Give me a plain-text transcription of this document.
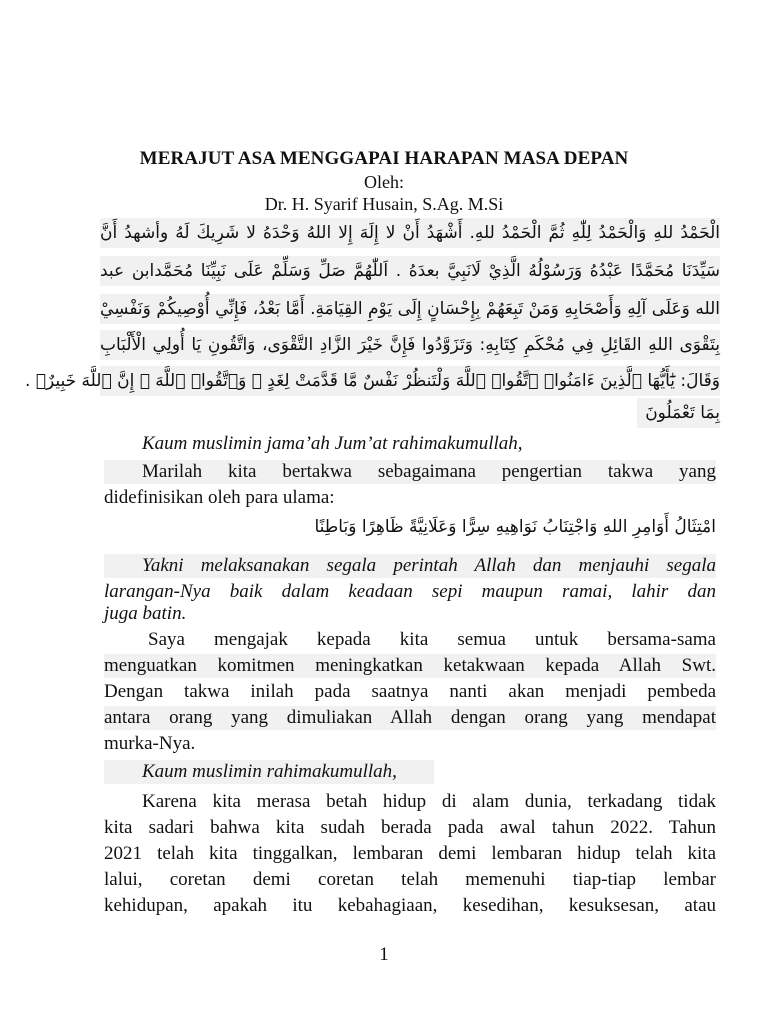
MERAJUT ASA MENGGAPAI HARAPAN MASA DEPAN
Oleh:
Dr. H. Syarif Husain, S.Ag. M.Si
الْحَمْدُ للهِ وَالْحَمْدُ لِلّٰهِ ثُمَّ الْحَمْدُ للهِ. أَشْهَدُ أَنْ لا إِلَهَ إِلا اللهُ وَحْدَهُ لا شَرِيكَ لَهُ وأشهدُ أَنَّ
سَيِّدَنَا مُحَمَّدًا عَبْدُهُ وَرَسُوْلُهُ الَّذِيْ لَانَبِيَّ بعدَهُ . اَللّٰهُمَّ صَلِّ وَسَلِّمْ عَلَى نَبِيِّنَا مُحَمَّدابن عبد
الله وَعَلَى آلِهِ وَأَصْحَابِهِ وَمَنْ تَبِعَهُمْ بِإِحْسَانٍ إِلَى يَوْمِ القِيَامَةِ. أَمَّا بَعْدُ، فَإِنِّي أُوْصِيكُمْ وَنَفْسِيْ
بِتَقْوَى اللهِ القَائِلِ فِي مُحْكَمِ كِتَابِهِ: وَتَزَوَّدُوا فَإِنَّ خَيْرَ الزَّادِ التَّقْوَى، وَاتَّقُونِ يَا أُولِي الْأَلْبَابِ
وَقَالَ: يَٰٓأَيُّهَا ٱلَّذِينَ ءَامَنُوا۟ ٱتَّقُوا۟ ٱللَّهَ وَلْتَنظُرْ نَفْسٌ مَّا قَدَّمَتْ لِغَدٍ ۖ وَٱتَّقُوا۟ ٱللَّهَ ۚ إِنَّ ٱللَّهَ خَبِيرٌۢ .
بِمَا تَعْمَلُونَ
Kaum muslimin jama’ah Jum’at rahimakumullah,
Marilah kita bertakwa sebagaimana pengertian takwa yang
didefinisikan oleh para ulama:
امْتِثَالُ أَوَامِرِ اللهِ وَاجْتِنَابُ نَوَاهِيهِ سِرًّا وَعَلَانِيَّةً ظَاهِرًا وَبَاطِنًا
Yakni melaksanakan segala perintah Allah dan menjauhi segala
larangan-Nya baik dalam keadaan sepi maupun ramai, lahir dan
juga batin.
Saya mengajak kepada kita semua untuk bersama-sama
menguatkan komitmen meningkatkan ketakwaan kepada Allah Swt.
Dengan takwa inilah pada saatnya nanti akan menjadi pembeda
antara orang yang dimuliakan Allah dengan orang yang mendapat
murka-Nya.
Kaum muslimin rahimakumullah,
Karena kita merasa betah hidup di alam dunia, terkadang tidak
kita sadari bahwa kita sudah berada pada awal tahun 2022. Tahun
2021 telah kita tinggalkan, lembaran demi lembaran hidup telah kita
lalui, coretan demi coretan telah memenuhi tiap-tiap lembar
kehidupan, apakah itu kebahagiaan, kesedihan, kesuksesan, atau
1
